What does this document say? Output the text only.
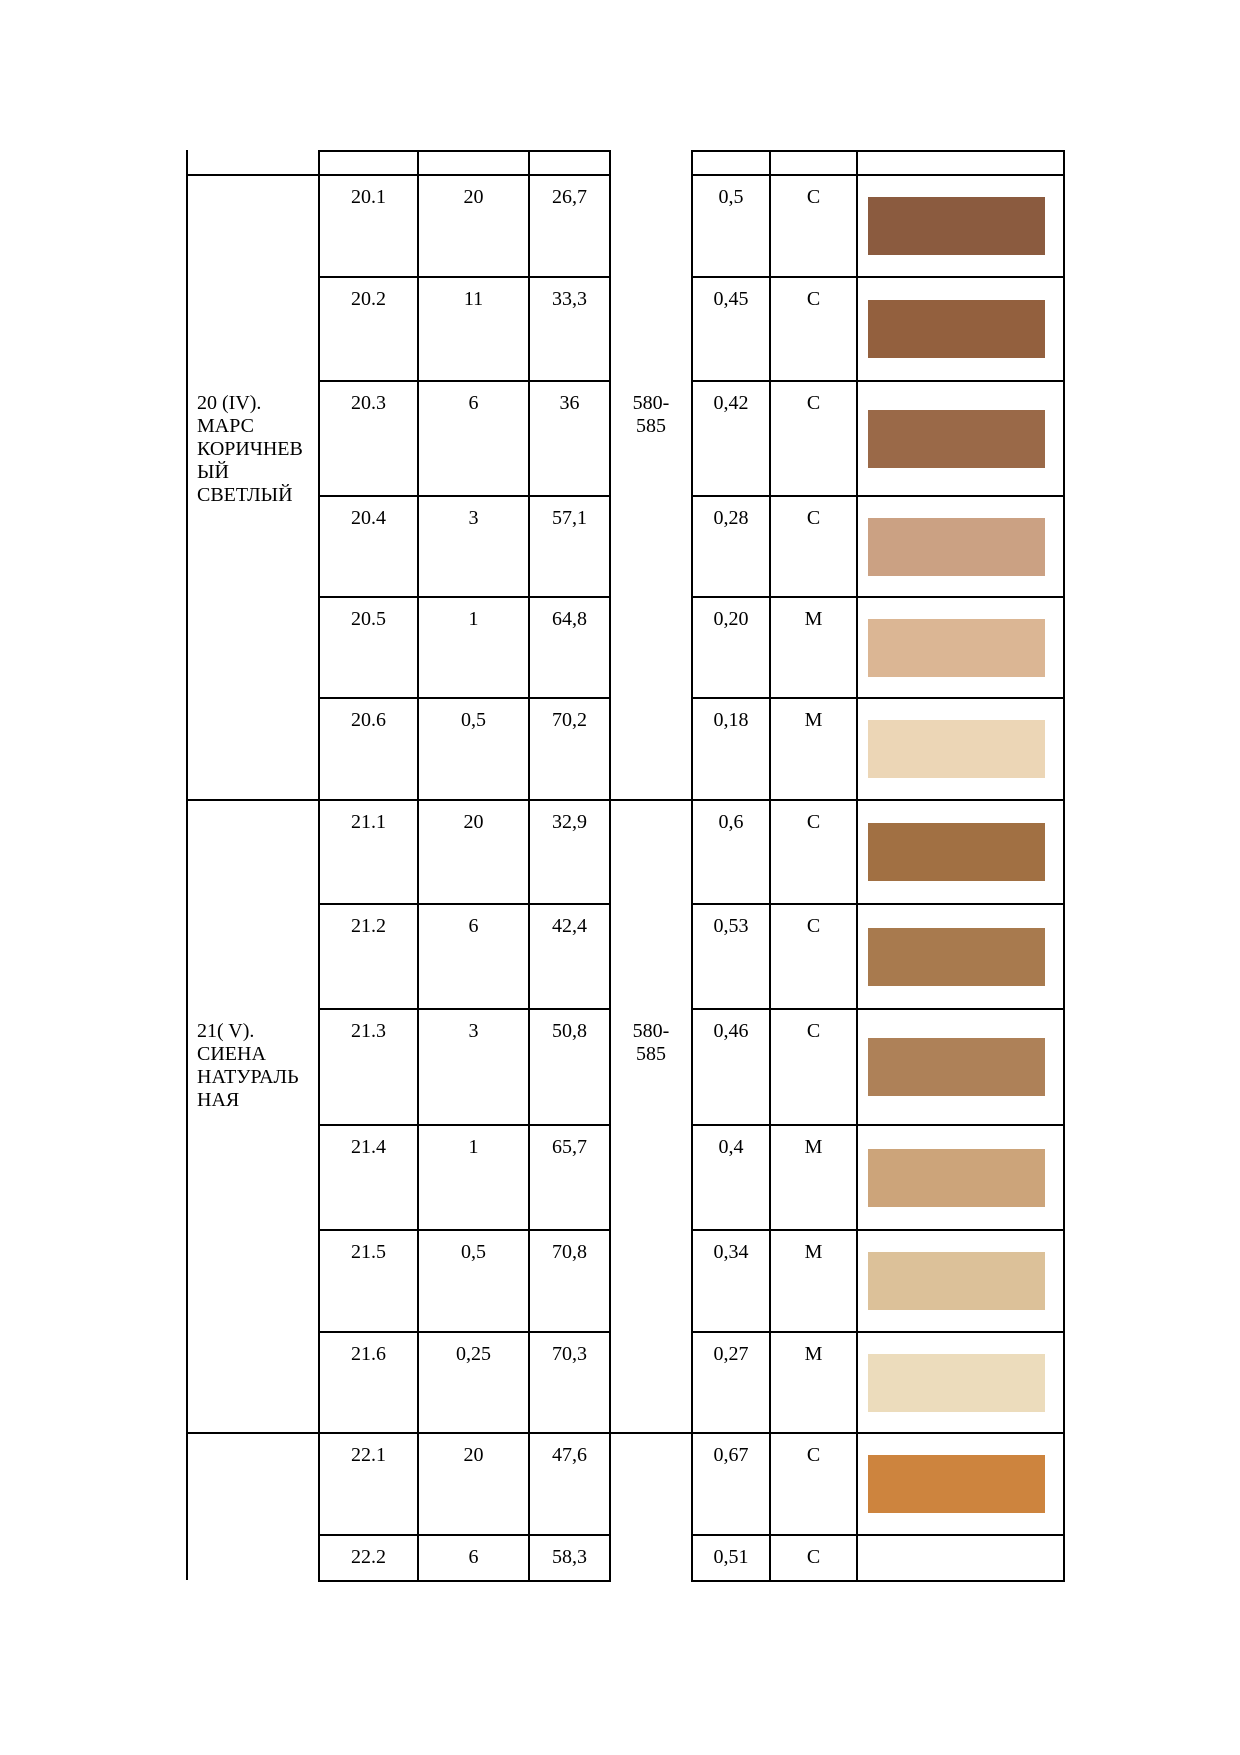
20 (IV).
МАРС
КОРИЧНЕВ
ЫЙ
СВЕТЛЫЙ
580-
585
20.1	20	26,7	0,5	С
20.2	11	33,3	0,45	С
20.3	6	36	0,42	С
20.4	3	57,1	0,28	С
20.5	1	64,8	0,20	М
20.6	0,5	70,2	0,18	М
21( V).
СИЕНА
НАТУРАЛЬ
НАЯ
580-
585
21.1	20	32,9	0,6	С
21.2	6	42,4	0,53	С
21.3	3	50,8	0,46	С
21.4	1	65,7	0,4	М
21.5	0,5	70,8	0,34	М
21.6	0,25	70,3	0,27	М
22.1	20	47,6	0,67	С
22.2	6	58,3	0,51	С
